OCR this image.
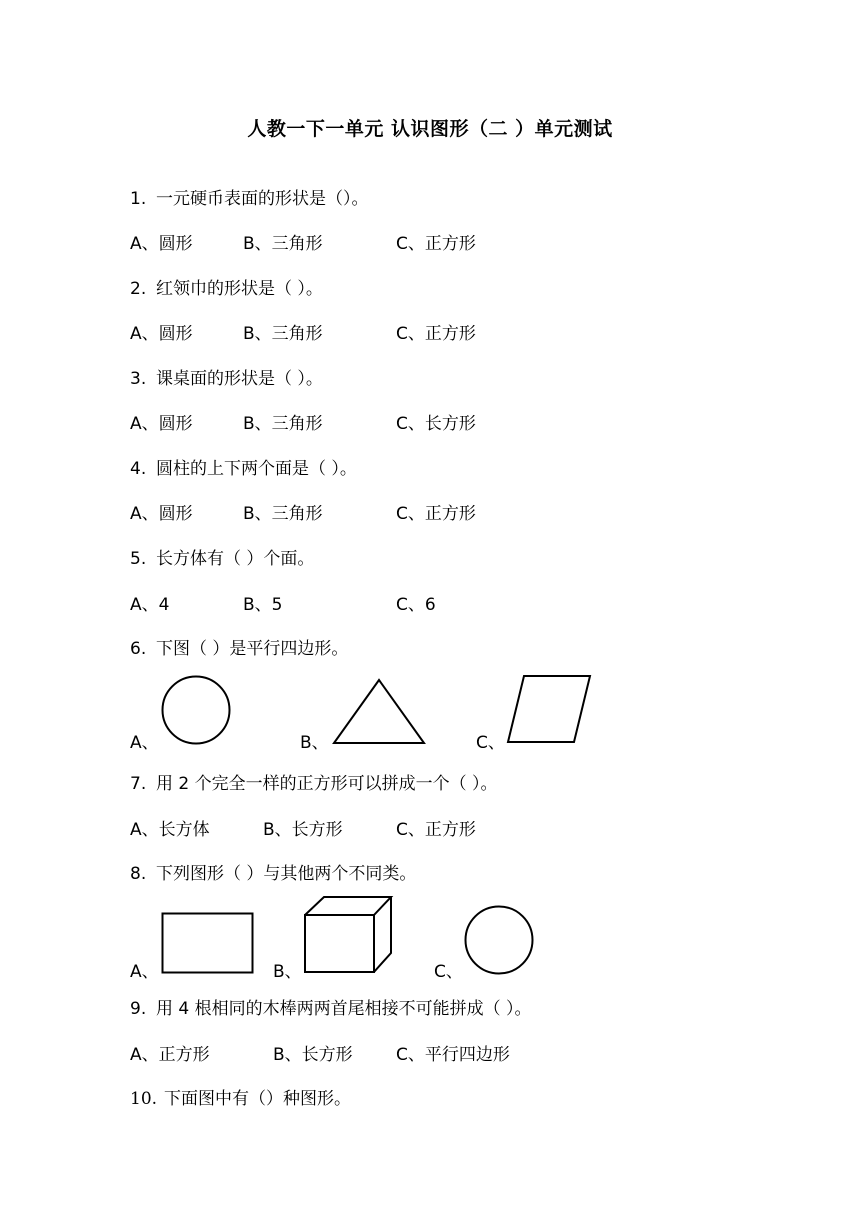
人教一下一单元 认识图形（二 ）单元测试
1. 一元硬币表面的形状是（）。
A、圆形	B、三角形	C、正方形
2. 红领巾的形状是（ ）。
A、圆形	B、三角形	C、正方形
3. 课桌面的形状是（ ）。
A、圆形	B、三角形	C、长方形
4. 圆柱的上下两个面是（ ）。
A、圆形	B、三角形	C、正方形
5. 长方体有（ ）个面。
A、4	B、5	C、6
6. 下图（ ）是平行四边形。
A、	B、	C、
7. 用 2 个完全一样的正方形可以拼成一个（ ）。
A、长方体	B、长方形	C、正方形
8. 下列图形（ ）与其他两个不同类。
A、	B、	C、
9. 用 4 根相同的木棒两两首尾相接不可能拼成（ ）。
A、正方形	B、长方形	C、平行四边形
10. 下面图中有（）种图形。
